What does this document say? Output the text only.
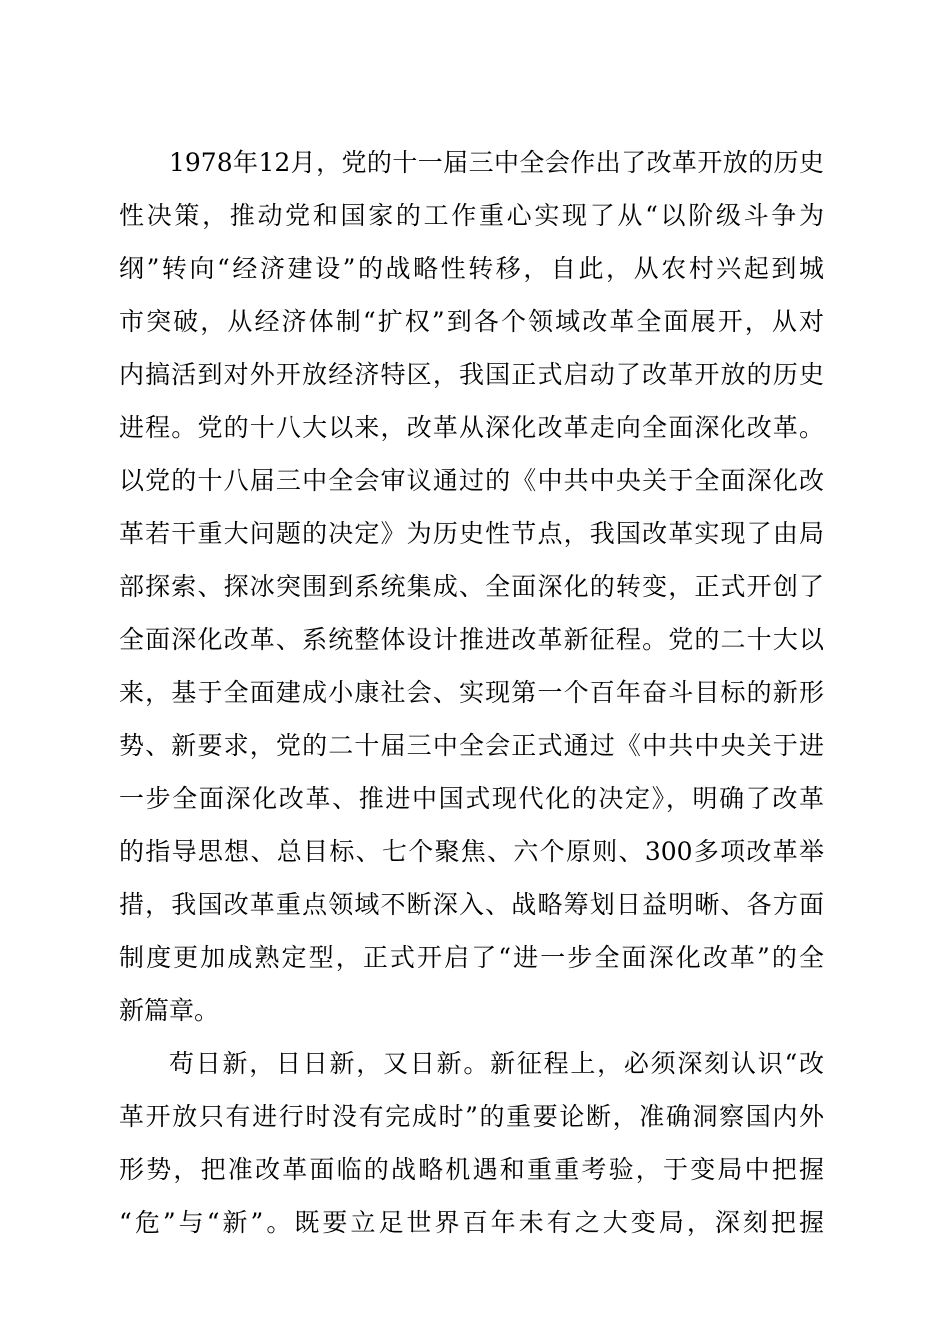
1978年12月，党的十一届三中全会作出了改革开放的历史
性决策，推动党和国家的工作重心实现了从“以阶级斗争为
纲”转向“经济建设”的战略性转移，自此，从农村兴起到城
市突破，从经济体制“扩权”到各个领域改革全面展开，从对
内搞活到对外开放经济特区，我国正式启动了改革开放的历史
进程。党的十八大以来，改革从深化改革走向全面深化改革。
以党的十八届三中全会审议通过的《中共中央关于全面深化改
革若干重大问题的决定》为历史性节点，我国改革实现了由局
部探索、探冰突围到系统集成、全面深化的转变，正式开创了
全面深化改革、系统整体设计推进改革新征程。党的二十大以
来，基于全面建成小康社会、实现第一个百年奋斗目标的新形
势、新要求，党的二十届三中全会正式通过《中共中央关于进
一步全面深化改革、推进中国式现代化的决定》，明确了改革
的指导思想、总目标、七个聚焦、六个原则、300多项改革举
措，我国改革重点领域不断深入、战略筹划日益明晰、各方面
制度更加成熟定型，正式开启了“进一步全面深化改革”的全
新篇章。
苟日新，日日新，又日新。新征程上，必须深刻认识“改
革开放只有进行时没有完成时”的重要论断，准确洞察国内外
形势，把准改革面临的战略机遇和重重考验，于变局中把握
“危”与“新”。既要立足世界百年未有之大变局，深刻把握
